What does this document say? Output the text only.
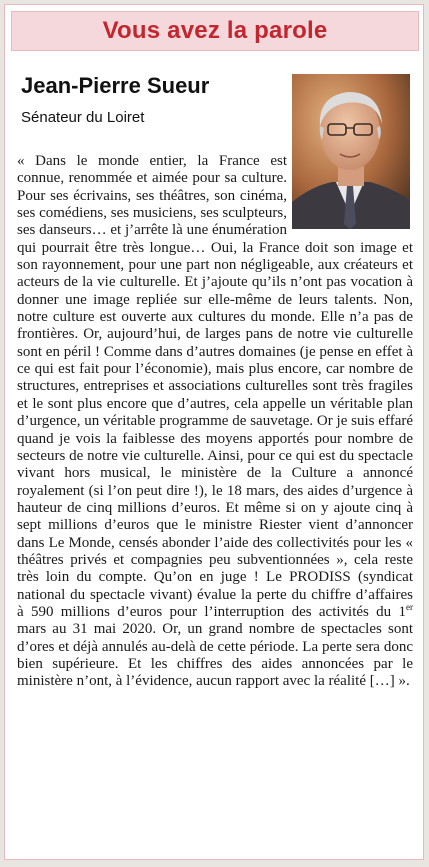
Vous avez la parole
Jean-Pierre Sueur
Sénateur du Loiret

« Dans le monde entier, la France est connue, renommée et aimée pour sa culture. Pour ses écrivains, ses théâtres, son cinéma, ses comédiens, ses musiciens, ses sculpteurs, ses danseurs… et j’arrête là une énumération qui pourrait être très longue… Oui, la France doit son image et son rayonnement, pour une part non négligeable, aux créateurs et acteurs de la vie culturelle. Et j’ajoute qu’ils n’ont pas vocation à donner une image repliée sur elle-même de leurs talents. Non, notre culture est ouverte aux cultures du monde. Elle n’a pas de frontières. Or, aujourd’hui, de larges pans de notre vie culturelle sont en péril ! Comme dans d’autres domaines (je pense en effet à ce qui est fait pour l’économie), mais plus encore, car nombre de structures, entreprises et associations culturelles sont très fragiles et le sont plus encore que d’autres, cela appelle un véritable plan d’urgence, un véritable programme de sauvetage. Or je suis effaré quand je vois la faiblesse des moyens apportés pour nombre de secteurs de notre vie culturelle. Ainsi, pour ce qui est du spectacle vivant hors musical, le ministère de la Culture a annoncé royalement (si l’on peut dire !), le 18 mars, des aides d’urgence à hauteur de cinq millions d’euros. Et même si on y ajoute cinq à sept millions d’euros que le ministre Riester vient d’annoncer dans Le Monde, censés abonder l’aide des collectivités pour les « théâtres privés et compagnies peu subventionnées », cela reste très loin du compte. Qu’on en juge ! Le PRODISS (syndicat national du spectacle vivant) évalue la perte du chiffre d’affaires à 590 millions d’euros pour l’interruption des activités du 1er mars au 31 mai 2020. Or, un grand nombre de spectacles sont d’ores et déjà annulés au-delà de cette période. La perte sera donc bien supérieure. Et les chiffres des aides annoncées par le ministère n’ont, à l’évidence, aucun rapport avec la réalité […] ».
